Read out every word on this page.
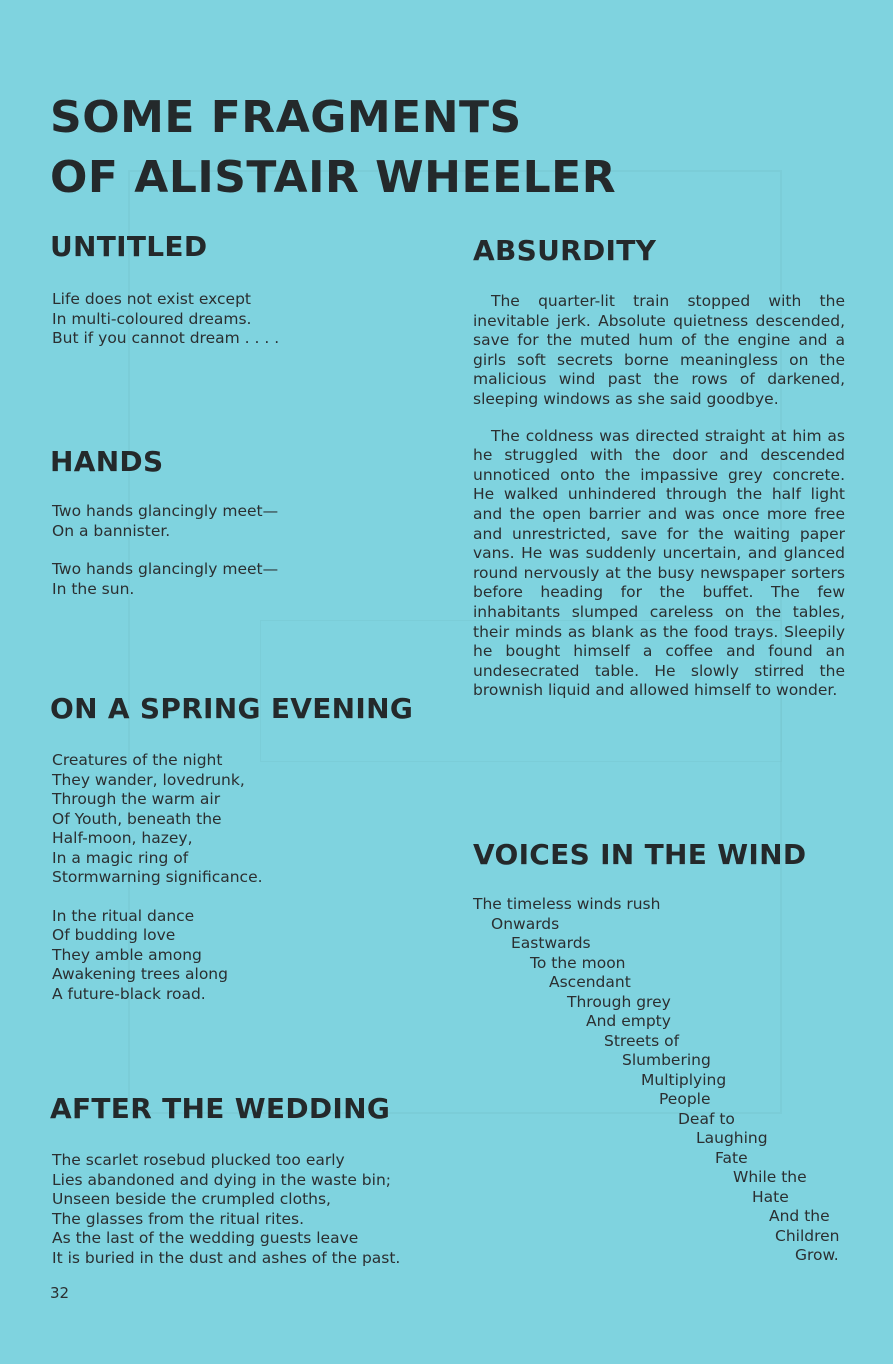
SOME FRAGMENTS
OF ALISTAIR WHEELER
UNTITLED
Life does not exist except
In multi-coloured dreams.
But if you cannot dream . . . .
HANDS
Two hands glancingly meet—
On a bannister.
Two hands glancingly meet—
In the sun.
ON A SPRING EVENING
Creatures of the night
They wander, lovedrunk,
Through the warm air
Of Youth, beneath the
Half-moon, hazey,
In a magic ring of
Stormwarning significance.
In the ritual dance
Of budding love
They amble among
Awakening trees along
A future-black road.
AFTER THE WEDDING
The scarlet rosebud plucked too early
Lies abandoned and dying in the waste bin;
Unseen beside the crumpled cloths,
The glasses from the ritual rites.
As the last of the wedding guests leave
It is buried in the dust and ashes of the past.
ABSURDITY

The quarter-lit train stopped with the inevitable jerk. Absolute quietness descended, save for the muted hum of the engine and a girls soft secrets borne meaningless on the malicious wind past the rows of darkened, sleeping windows as she said goodbye.

The coldness was directed straight at him as he struggled with the door and descended unnoticed onto the impassive grey concrete. He walked unhindered through the half light and the open barrier and was once more free and unrestricted, save for the waiting paper vans. He was suddenly uncertain, and glanced round nervously at the busy newspaper sorters before heading for the buffet. The few inhabitants slumped careless on the tables, their minds as blank as the food trays. Sleepily he bought himself a coffee and found an undesecrated table. He slowly stirred the brownish liquid and allowed himself to wonder.

VOICES IN THE WIND
The timeless winds rush
Onwards
Eastwards
To the moon
Ascendant
Through grey
And empty
Streets of
Slumbering
Multiplying
People
Deaf to
Laughing
Fate
While the
Hate
And the
Children
Grow.
32
